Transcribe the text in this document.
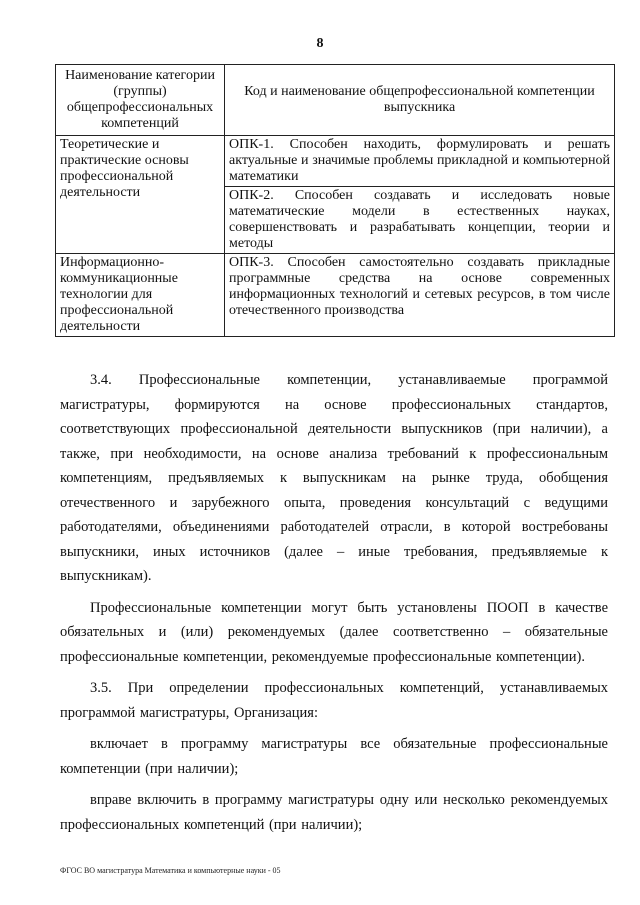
8
Наименование категории (группы) общепрофессиональных компетенций	Код и наименование общепрофессиональной компетенции выпускника
Теоретические и практические основы профессиональной деятельности	ОПК-1. Способен находить, формулировать и решать актуальные и значимые проблемы прикладной и компьютерной математики
	ОПК-2. Способен создавать и исследовать новые математические модели в естественных науках, совершенствовать и разрабатывать концепции, теории и методы
Информационно-коммуникационные технологии для профессиональной деятельности	ОПК-3. Способен самостоятельно создавать прикладные программные средства на основе современных информационных технологий и сетевых ресурсов, в том числе отечественного производства

3.4. Профессиональные компетенции, устанавливаемые программой магистратуры, формируются на основе профессиональных стандартов, соответствующих профессиональной деятельности выпускников (при наличии), а также, при необходимости, на основе анализа требований к профессиональным компетенциям, предъявляемых к выпускникам на рынке труда, обобщения отечественного и зарубежного опыта, проведения консультаций с ведущими работодателями, объединениями работодателей отрасли, в которой востребованы выпускники, иных источников (далее – иные требования, предъявляемые к выпускникам).

Профессиональные компетенции могут быть установлены ПООП в качестве обязательных и (или) рекомендуемых (далее соответственно – обязательные профессиональные компетенции, рекомендуемые профессиональные компетенции).

3.5. При определении профессиональных компетенций, устанавливаемых программой магистратуры, Организация:

включает в программу магистратуры все обязательные профессиональные компетенции (при наличии);

вправе включить в программу магистратуры одну или несколько рекомендуемых профессиональных компетенций (при наличии);

ФГОС ВО магистратура Математика и компьютерные науки - 05
